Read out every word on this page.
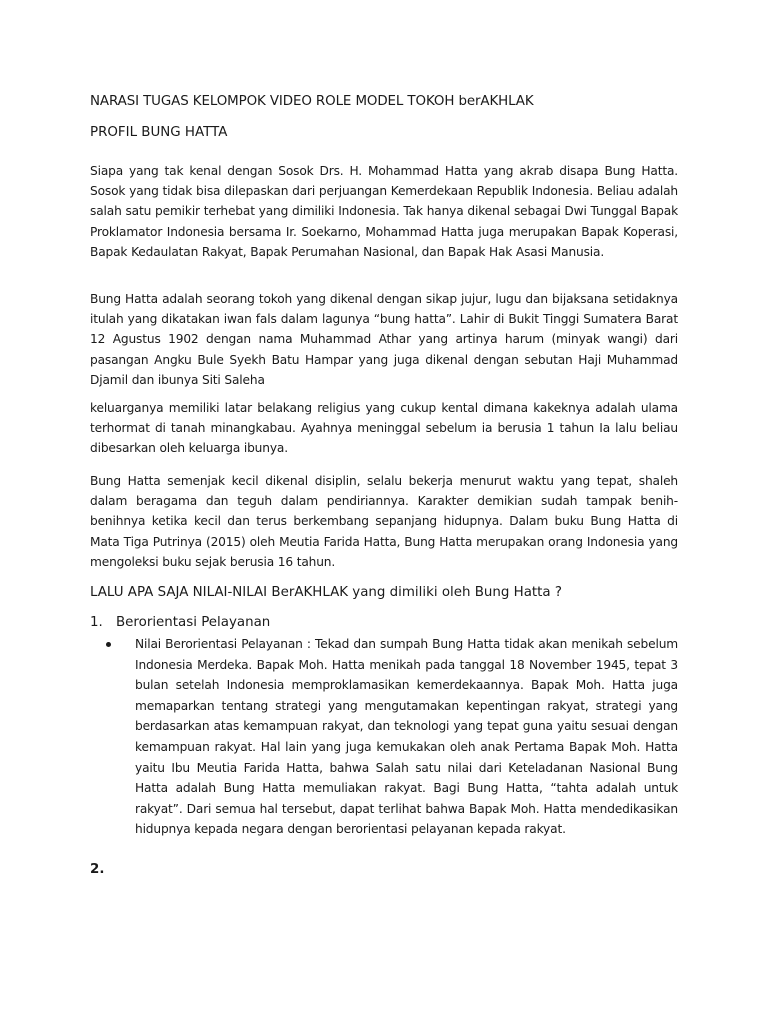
NARASI TUGAS KELOMPOK VIDEO ROLE MODEL TOKOH berAKHLAK
PROFIL BUNG HATTA

Siapa yang tak kenal dengan Sosok Drs. H. Mohammad Hatta yang akrab disapa Bung Hatta. Sosok yang tidak bisa dilepaskan dari perjuangan Kemerdekaan Republik Indonesia. Beliau adalah salah satu pemikir terhebat yang dimiliki Indonesia. Tak hanya dikenal sebagai Dwi Tunggal Bapak Proklamator Indonesia bersama Ir. Soekarno, Mohammad Hatta juga merupakan Bapak Koperasi, Bapak Kedaulatan Rakyat, Bapak Perumahan Nasional, dan Bapak Hak Asasi Manusia.

Bung Hatta adalah seorang tokoh yang dikenal dengan sikap jujur, lugu dan bijaksana setidaknya itulah yang dikatakan iwan fals dalam lagunya “bung hatta”. Lahir di Bukit Tinggi Sumatera Barat 12 Agustus 1902 dengan nama Muhammad Athar yang artinya harum (minyak wangi) dari pasangan Angku Bule Syekh Batu Hampar yang juga dikenal dengan sebutan Haji Muhammad Djamil dan ibunya Siti Saleha

keluarganya memiliki latar belakang religius yang cukup kental dimana kakeknya adalah ulama terhormat di tanah minangkabau. Ayahnya meninggal sebelum ia berusia 1 tahun Ia lalu beliau dibesarkan oleh keluarga ibunya.

Bung Hatta semenjak kecil dikenal disiplin, selalu bekerja menurut waktu yang tepat, shaleh dalam beragama dan teguh dalam pendiriannya. Karakter demikian sudah tampak benih-benihnya ketika kecil dan terus berkembang sepanjang hidupnya. Dalam buku Bung Hatta di Mata Tiga Putrinya (2015) oleh Meutia Farida Hatta, Bung Hatta merupakan orang Indonesia yang mengoleksi buku sejak berusia 16 tahun.

LALU APA SAJA NILAI-NILAI BerAKHLAK yang dimiliki oleh Bung Hatta ?
1. Berorientasi Pelayanan
Nilai Berorientasi Pelayanan : Tekad dan sumpah Bung Hatta tidak akan menikah sebelum Indonesia Merdeka. Bapak Moh. Hatta menikah pada tanggal 18 November 1945, tepat 3 bulan setelah Indonesia memproklamasikan kemerdekaannya. Bapak Moh. Hatta juga memaparkan tentang strategi yang mengutamakan kepentingan rakyat, strategi yang berdasarkan atas kemampuan rakyat, dan teknologi yang tepat guna yaitu sesuai dengan kemampuan rakyat. Hal lain yang juga kemukakan oleh anak Pertama Bapak Moh. Hatta yaitu Ibu Meutia Farida Hatta, bahwa Salah satu nilai dari Keteladanan Nasional Bung Hatta adalah Bung Hatta memuliakan rakyat. Bagi Bung Hatta, “tahta adalah untuk rakyat”. Dari semua hal tersebut, dapat terlihat bahwa Bapak Moh. Hatta mendedikasikan hidupnya kepada negara dengan berorientasi pelayanan kepada rakyat.
2.
